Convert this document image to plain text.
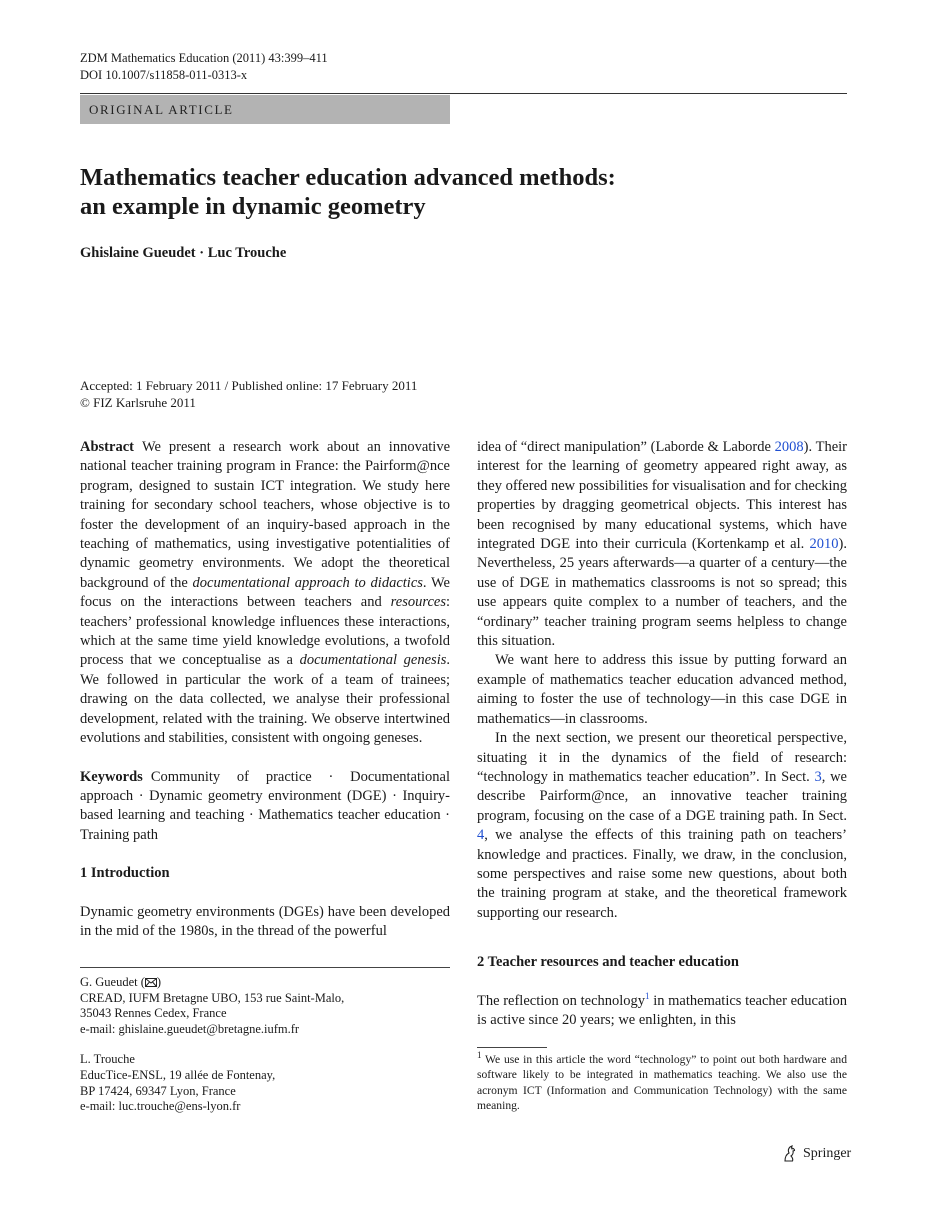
ZDM Mathematics Education (2011) 43:399–411
DOI 10.1007/s11858-011-0313-x
ORIGINAL ARTICLE
Mathematics teacher education advanced methods:
an example in dynamic geometry
Ghislaine Gueudet · Luc Trouche
Accepted: 1 February 2011 / Published online: 17 February 2011
© FIZ Karlsruhe 2011

Abstract We present a research work about an innovative national teacher training program in France: the Pairform@nce program, designed to sustain ICT integration. We study here training for secondary school teachers, whose objective is to foster the development of an inquiry-based approach in the teaching of mathematics, using investigative potentialities of dynamic geometry environments. We adopt the theoretical background of the documentational approach to didactics. We focus on the interactions between teachers and resources: teachers’ professional knowledge influences these interactions, which at the same time yield knowledge evolutions, a twofold process that we conceptualise as a documentational genesis. We followed in particular the work of a team of trainees; drawing on the data collected, we analyse their professional development, related with the training. We observe intertwined evolutions and stabilities, consistent with ongoing geneses.

Keywords Community of practice · Documentational approach · Dynamic geometry environment (DGE) · Inquiry-based learning and teaching · Mathematics teacher education · Training path

1 Introduction

Dynamic geometry environments (DGEs) have been developed in the mid of the 1980s, in the thread of the powerful

G. Gueudet ( )
CREAD, IUFM Bretagne UBO, 153 rue Saint-Malo,
35043 Rennes Cedex, France
e-mail: ghislaine.gueudet@bretagne.iufm.fr
L. Trouche
EducTice-ENSL, 19 allée de Fontenay,
BP 17424, 69347 Lyon, France
e-mail: luc.trouche@ens-lyon.fr

idea of “direct manipulation” (Laborde & Laborde 2008). Their interest for the learning of geometry appeared right away, as they offered new possibilities for visualisation and for checking properties by dragging geometrical objects. This interest has been recognised by many educational systems, which have integrated DGE into their curricula (Kortenkamp et al. 2010). Nevertheless, 25 years afterwards—a quarter of a century—the use of DGE in mathematics classrooms is not so spread; this use appears quite complex to a number of teachers, and the “ordinary” teacher training program seems helpless to change this situation.

We want here to address this issue by putting forward an example of mathematics teacher education advanced method, aiming to foster the use of technology—in this case DGE in mathematics—in classrooms.

In the next section, we present our theoretical perspective, situating it in the dynamics of the field of research: “technology in mathematics teacher education”. In Sect. 3, we describe Pairform@nce, an innovative teacher training program, focusing on the case of a DGE training path. In Sect. 4, we analyse the effects of this training path on teachers’ knowledge and practices. Finally, we draw, in the conclusion, some perspectives and raise some new questions, about both the training program at stake, and the theoretical framework supporting our research.

2 Teacher resources and teacher education

The reflection on technology$^1$ in mathematics teacher education is active since 20 years; we enlighten, in this

$^1$ We use in this article the word “technology” to point out both hardware and software likely to be integrated in mathematics teaching. We also use the acronym ICT (Information and Communication Technology) with the same meaning.
Springer
